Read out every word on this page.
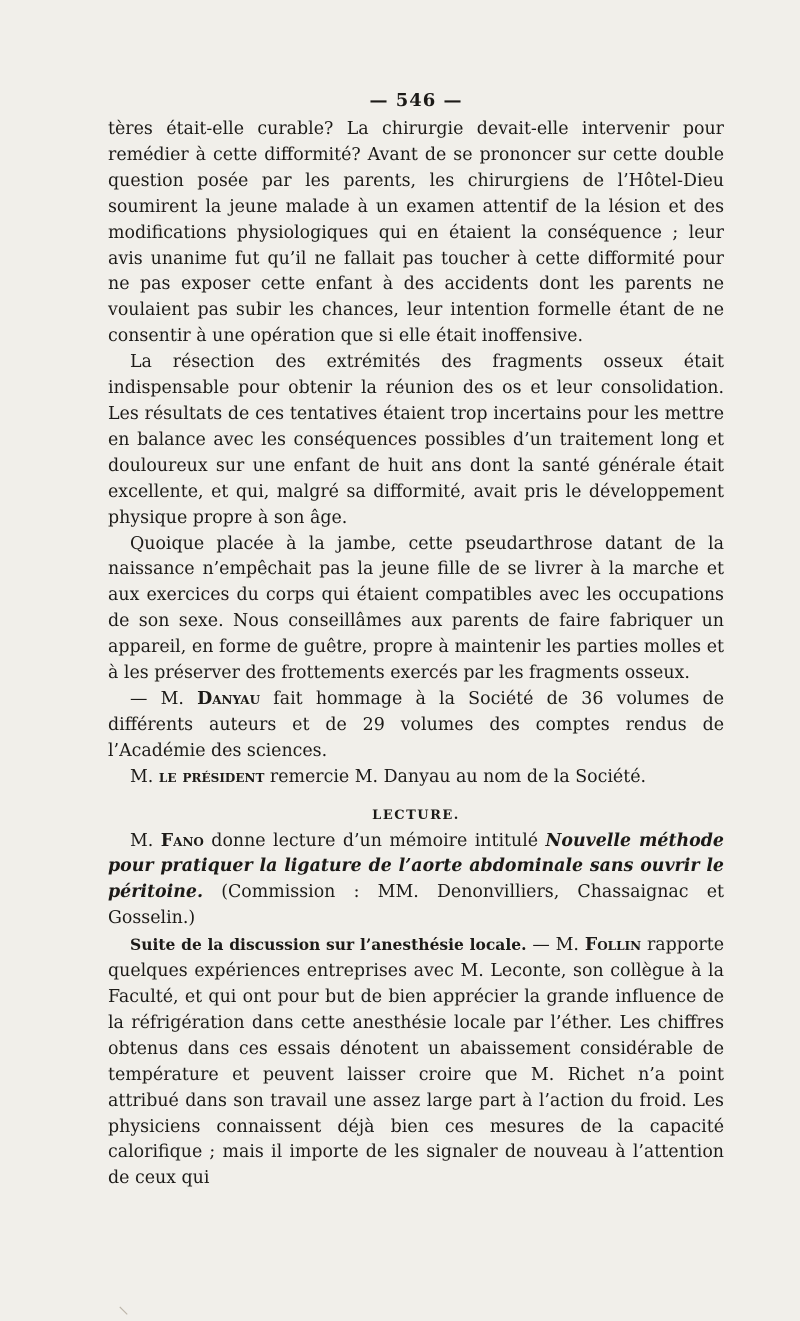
— 546 —

tères était-elle curable? La chirurgie devait-elle intervenir pour remédier à cette difformité? Avant de se prononcer sur cette double question posée par les parents, les chirurgiens de l’Hôtel-Dieu soumirent la jeune malade à un examen attentif de la lésion et des modifications physiologiques qui en étaient la conséquence ; leur avis unanime fut qu’il ne fallait pas toucher à cette difformité pour ne pas exposer cette enfant à des accidents dont les parents ne voulaient pas subir les chances, leur intention formelle étant de ne consentir à une opération que si elle était inoffensive.

La résection des extrémités des fragments osseux était indispensable pour obtenir la réunion des os et leur consolidation. Les résultats de ces tentatives étaient trop incertains pour les mettre en balance avec les conséquences possibles d’un traitement long et douloureux sur une enfant de huit ans dont la santé générale était excellente, et qui, malgré sa difformité, avait pris le développement physique propre à son âge.

Quoique placée à la jambe, cette pseudarthrose datant de la naissance n’empêchait pas la jeune fille de se livrer à la marche et aux exercices du corps qui étaient compatibles avec les occupations de son sexe. Nous conseillâmes aux parents de faire fabriquer un appareil, en forme de guêtre, propre à maintenir les parties molles et à les préserver des frottements exercés par les fragments osseux.

— M. Danyau fait hommage à la Société de 36 volumes de différents auteurs et de 29 volumes des comptes rendus de l’Académie des sciences.

M. le président remercie M. Danyau au nom de la Société.

LECTURE.

M. Fano donne lecture d’un mémoire intitulé Nouvelle méthode pour pratiquer la ligature de l’aorte abdominale sans ouvrir le péritoine. (Commission : MM. Denonvilliers, Chassaignac et Gosselin.)

Suite de la discussion sur l’anesthésie locale. — M. Follin rapporte quelques expériences entreprises avec M. Leconte, son collègue à la Faculté, et qui ont pour but de bien apprécier la grande influence de la réfrigération dans cette anesthésie locale par l’éther. Les chiffres obtenus dans ces essais dénotent un abaissement considérable de température et peuvent laisser croire que M. Richet n’a point attribué dans son travail une assez large part à l’action du froid. Les physiciens connaissent déjà bien ces mesures de la capacité calorifique ; mais il importe de les signaler de nouveau à l’attention de ceux qui

⸜
